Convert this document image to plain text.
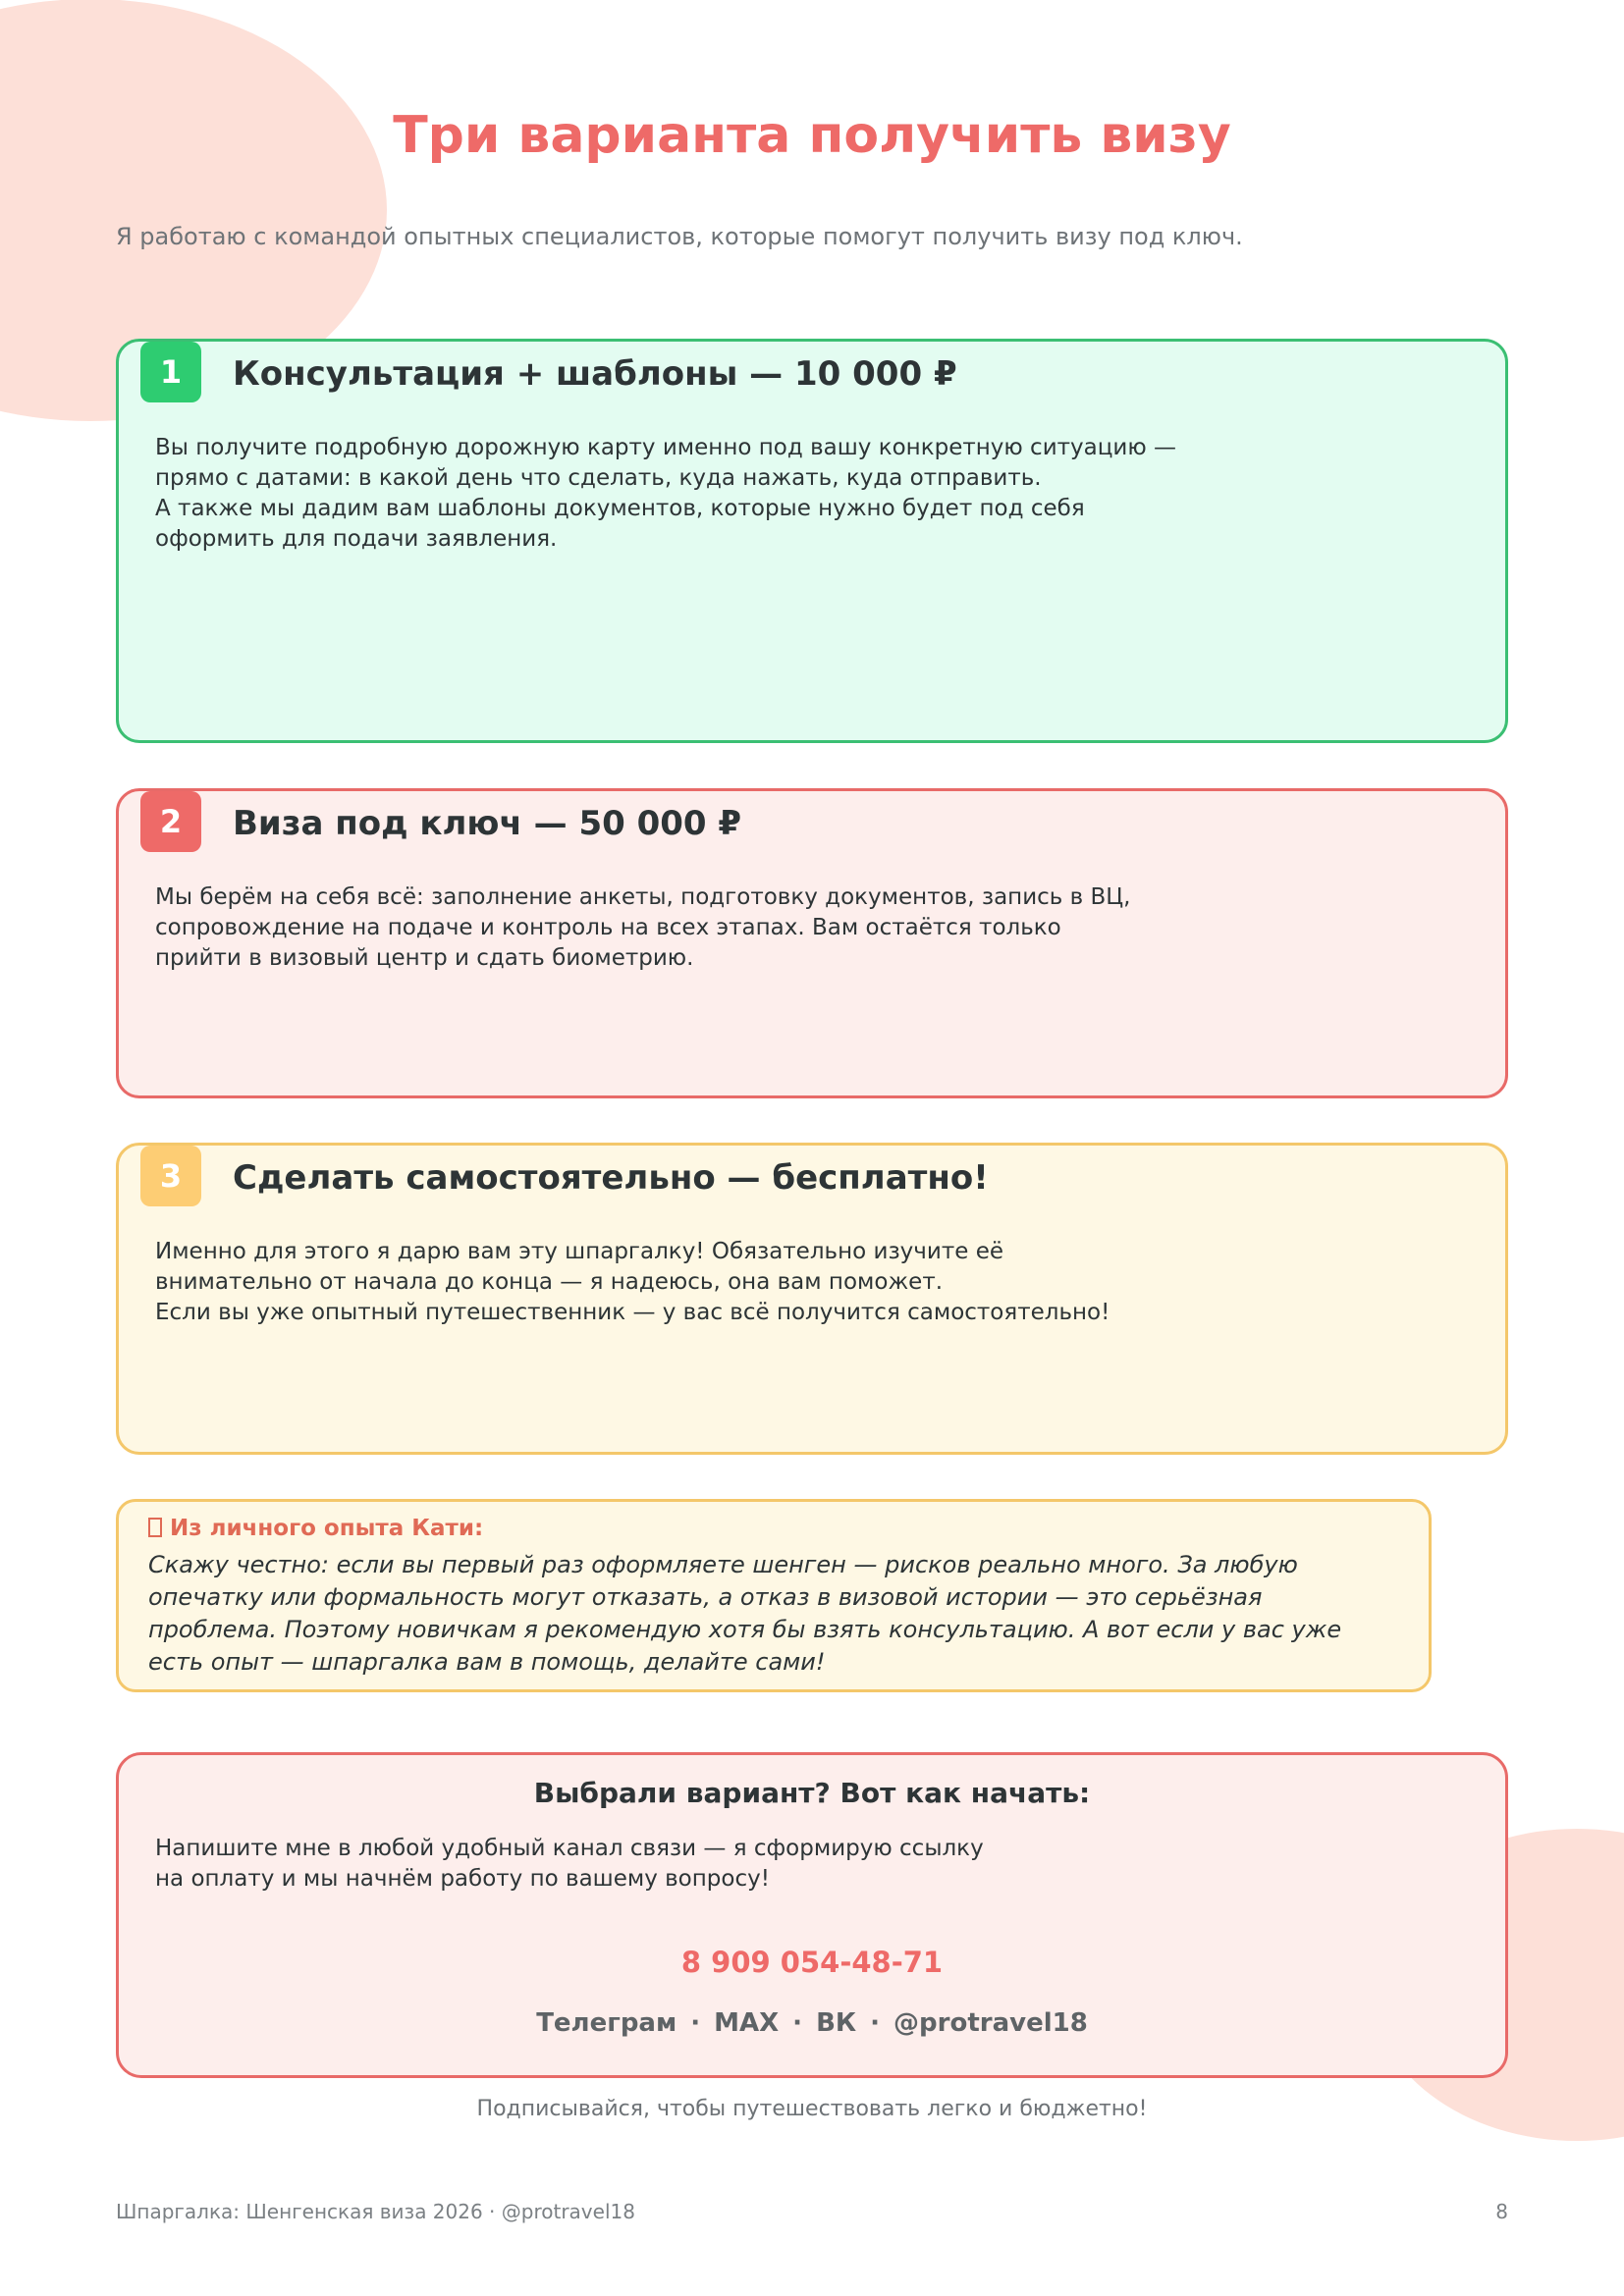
Три варианта получить визу

Я работаю с командой опытных специалистов, которые помогут получить визу под ключ.

1	Консультация + шаблоны — 10 000 ₽
Вы получите подробную дорожную карту именно под вашу конкретную ситуацию —
прямо с датами: в какой день что сделать, куда нажать, куда отправить.
А также мы дадим вам шаблоны документов, которые нужно будет под себя
оформить для подачи заявления.
2	Виза под ключ — 50 000 ₽
Мы берём на себя всё: заполнение анкеты, подготовку документов, запись в ВЦ,
сопровождение на подаче и контроль на всех этапах. Вам остаётся только
прийти в визовый центр и сдать биометрию.
3	Сделать самостоятельно — бесплатно!
Именно для этого я дарю вам эту шпаргалку! Обязательно изучите её
внимательно от начала до конца — я надеюсь, она вам поможет.
Если вы уже опытный путешественник — у вас всё получится самостоятельно!
Из личного опыта Кати:
Скажу честно: если вы первый раз оформляете шенген — рисков реально много. За любую
опечатку или формальность могут отказать, а отказ в визовой истории — это серьёзная
проблема. Поэтому новичкам я рекомендую хотя бы взять консультацию. А вот если у вас уже
есть опыт — шпаргалка вам в помощь, делайте сами!
Выбрали вариант? Вот как начать:
Напишите мне в любой удобный канал связи — я сформирую ссылку
на оплату и мы начнём работу по вашему вопросу!
8 909 054-48-71
Телеграм · MAX · ВК · @protravel18
Подписывайся, чтобы путешествовать легко и бюджетно!
Шпаргалка: Шенгенская виза 2026 · @protravel18	8
